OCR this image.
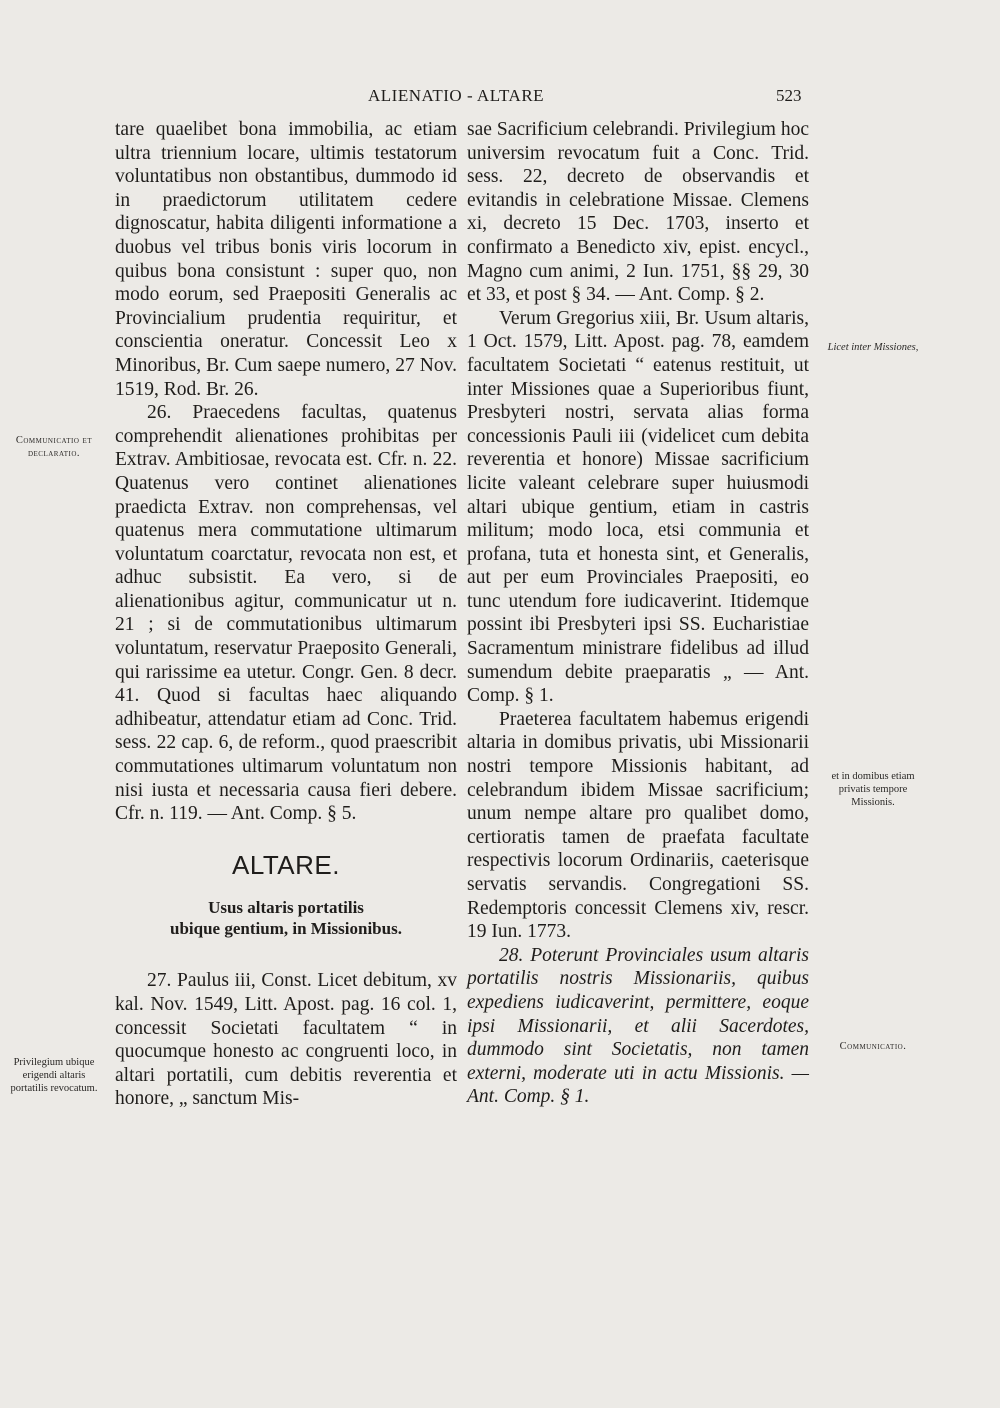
ALIENATIO - ALTARE	523
Communicatio et declaratio.
Privilegium ubique erigendi altaris portatilis revocatum.
Licet inter Missiones,
et in domibus etiam privatis tempore Missionis.
Communicatio.

tare quaelibet bona immobilia, ac etiam ultra triennium locare, ultimis testatorum voluntatibus non obstantibus, dummodo id in praedictorum utilitatem cedere dignoscatur, habita diligenti informatione a duobus vel tribus bonis viris locorum in quibus bona consistunt : super quo, non modo eorum, sed Praepositi Generalis ac Provincialium prudentia requiritur, et conscientia oneratur. Concessit Leo x Minoribus, Br. Cum saepe numero, 27 Nov. 1519, Rod. Br. 26.

26. Praecedens facultas, quatenus comprehendit alienationes prohibitas per Extrav. Ambitiosae, revocata est. Cfr. n. 22. Quatenus vero continet alienationes praedicta Extrav. non comprehensas, vel quatenus mera commutatione ultimarum voluntatum coarctatur, revocata non est, et adhuc subsistit. Ea vero, si de alienationibus agitur, communicatur ut n. 21 ; si de commutationibus ultimarum voluntatum, reservatur Praeposito Generali, qui rarissime ea utetur. Congr. Gen. 8 decr. 41. Quod si facultas haec aliquando adhibeatur, attendatur etiam ad Conc. Trid. sess. 22 cap. 6, de reform., quod praescribit commutationes ultimarum voluntatum non nisi iusta et necessaria causa fieri debere. Cfr. n. 119. — Ant. Comp. § 5.

ALTARE.
Usus altaris portatilis
ubique gentium, in Missionibus.

27. Paulus iii, Const. Licet debitum, xv kal. Nov. 1549, Litt. Apost. pag. 16 col. 1, concessit Societati facultatem “ in quocumque honesto ac congruenti loco, in altari portatili, cum debitis reverentia et honore, „ sanctum Mis-

sae Sacrificium celebrandi. Privilegium hoc universim revocatum fuit a Conc. Trid. sess. 22, decreto de observandis et evitandis in celebratione Missae. Clemens xi, decreto 15 Dec. 1703, inserto et confirmato a Benedicto xiv, epist. encycl., Magno cum animi, 2 Iun. 1751, §§ 29, 30 et 33, et post § 34. — Ant. Comp. § 2.

Verum Gregorius xiii, Br. Usum altaris, 1 Oct. 1579, Litt. Apost. pag. 78, eamdem facultatem Societati “ eatenus restituit, ut inter Missiones quae a Superioribus fiunt, Presbyteri nostri, servata alias forma concessionis Pauli iii (videlicet cum debita reverentia et honore) Missae sacrificium licite valeant celebrare super huiusmodi altari ubique gentium, etiam in castris militum; modo loca, etsi communia et profana, tuta et honesta sint, et Generalis, aut per eum Provinciales Praepositi, eo tunc utendum fore iudicaverint. Itidemque possint ibi Presbyteri ipsi SS. Eucharistiae Sacramentum ministrare fidelibus ad illud sumendum debite praeparatis „ — Ant. Comp. § 1.

Praeterea facultatem habemus erigendi altaria in domibus privatis, ubi Missionarii nostri tempore Missionis habitant, ad celebrandum ibidem Missae sacrificium; unum nempe altare pro qualibet domo, certioratis tamen de praefata facultate respectivis locorum Ordinariis, caeterisque servatis servandis. Congregationi SS. Redemptoris concessit Clemens xiv, rescr. 19 Iun. 1773.

28. Poterunt Provinciales usum altaris portatilis nostris Missionariis, quibus expediens iudicaverint, permittere, eoque ipsi Missionarii, et alii Sacerdotes, dummodo sint Societatis, non tamen externi, moderate uti in actu Missionis. — Ant. Comp. § 1.
